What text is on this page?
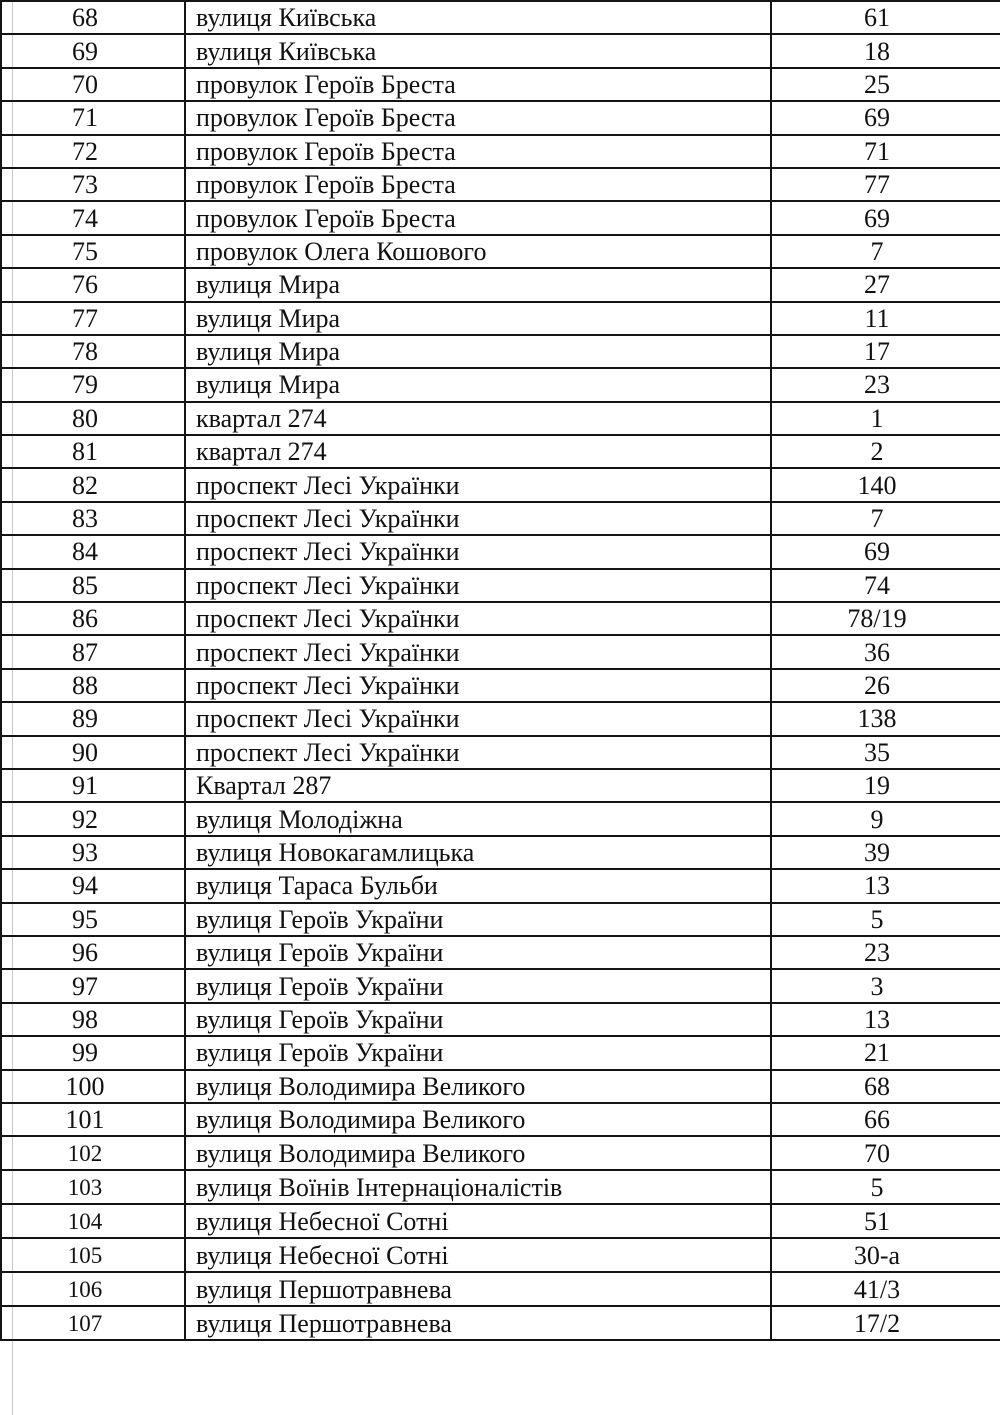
68	вулиця Київська	61
69	вулиця Київська	18
70	провулок Героїв Бреста	25
71	провулок Героїв Бреста	69
72	провулок Героїв Бреста	71
73	провулок Героїв Бреста	77
74	провулок Героїв Бреста	69
75	провулок Олега Кошового	7
76	вулиця Мира	27
77	вулиця Мира	11
78	вулиця Мира	17
79	вулиця Мира	23
80	квартал 274	1
81	квартал 274	2
82	проспект Лесі Українки	140
83	проспект Лесі Українки	7
84	проспект Лесі Українки	69
85	проспект Лесі Українки	74
86	проспект Лесі Українки	78/19
87	проспект Лесі Українки	36
88	проспект Лесі Українки	26
89	проспект Лесі Українки	138
90	проспект Лесі Українки	35
91	Квартал 287	19
92	вулиця Молодіжна	9
93	вулиця Новокагамлицька	39
94	вулиця Тараса Бульби	13
95	вулиця Героїв України	5
96	вулиця Героїв України	23
97	вулиця Героїв України	3
98	вулиця Героїв України	13
99	вулиця Героїв України	21
100	вулиця Володимира Великого	68
101	вулиця Володимира Великого	66
102	вулиця Володимира Великого	70
103	вулиця Воїнів Інтернаціоналістів	5
104	вулиця Небесної Сотні	51
105	вулиця Небесної Сотні	30-а
106	вулиця Першотравнева	41/3
107	вулиця Першотравнева	17/2
